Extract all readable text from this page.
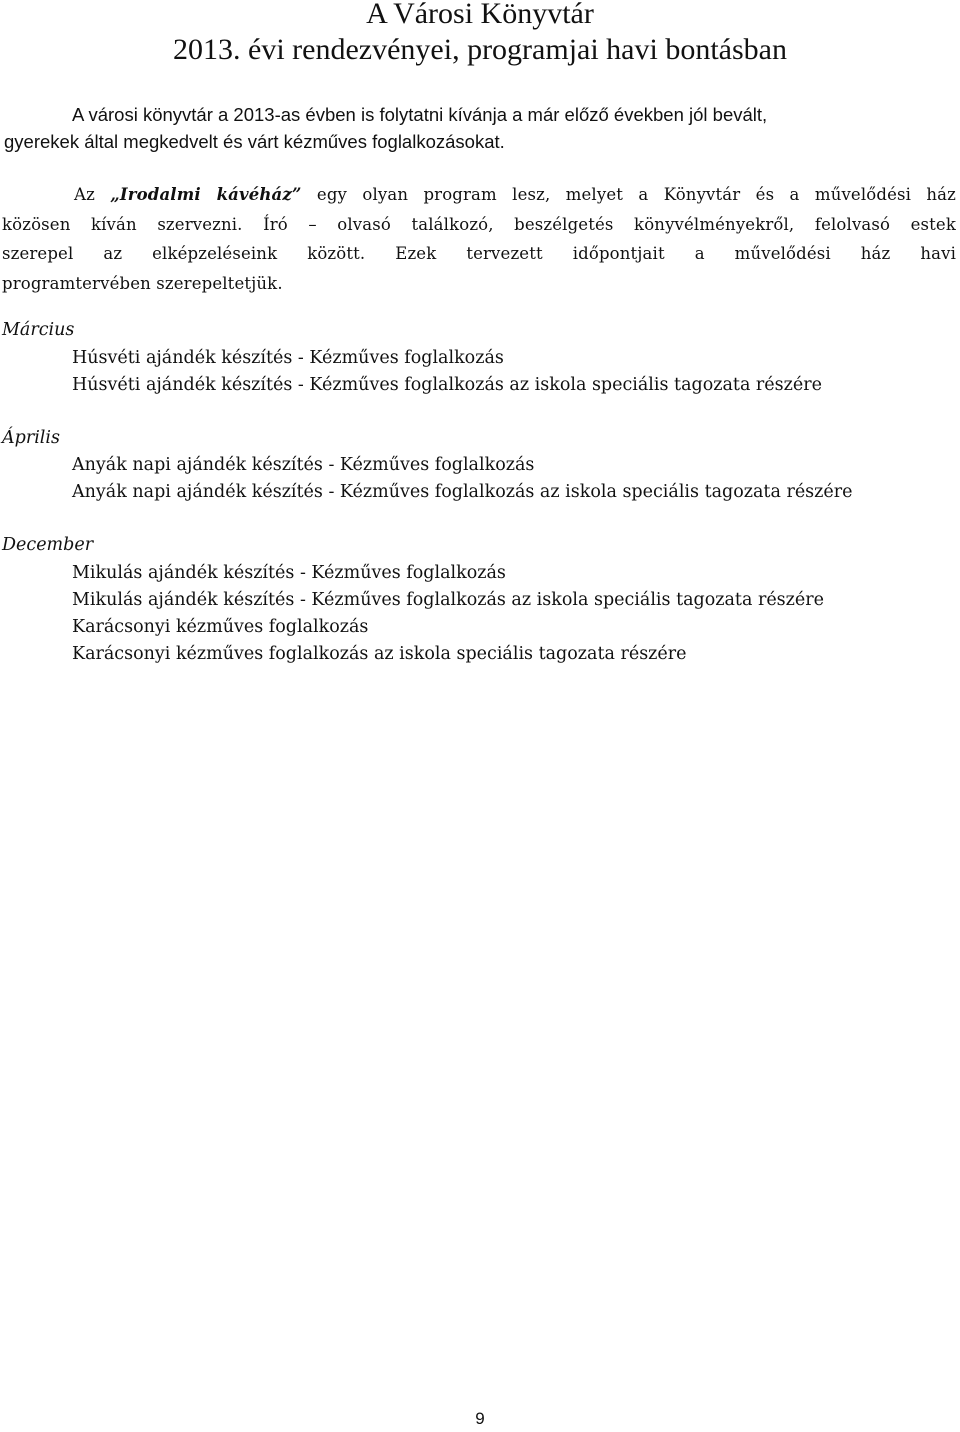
A Városi Könyvtár
2013. évi rendezvényei, programjai havi bontásban
A városi könyvtár a 2013-as évben is folytatni kívánja a már előző években jól bevált,
gyerekek által megkedvelt és várt kézműves foglalkozásokat.
Az „Irodalmi kávéház” egy olyan program lesz, melyet a Könyvtár és a művelődési ház
közösen kíván szervezni. Író – olvasó találkozó, beszélgetés könyvélményekről, felolvasó estek
szerepel az elképzeléseink között. Ezek tervezett időpontjait a művelődési ház havi
programtervében szerepeltetjük.
Március
Húsvéti ajándék készítés - Kézműves foglalkozás
Húsvéti ajándék készítés - Kézműves foglalkozás az iskola speciális tagozata részére
Április
Anyák napi ajándék készítés - Kézműves foglalkozás
Anyák napi ajándék készítés - Kézműves foglalkozás az iskola speciális tagozata részére
December
Mikulás ajándék készítés - Kézműves foglalkozás
Mikulás ajándék készítés - Kézműves foglalkozás az iskola speciális tagozata részére
Karácsonyi kézműves foglalkozás
Karácsonyi kézműves foglalkozás az iskola speciális tagozata részére
9
